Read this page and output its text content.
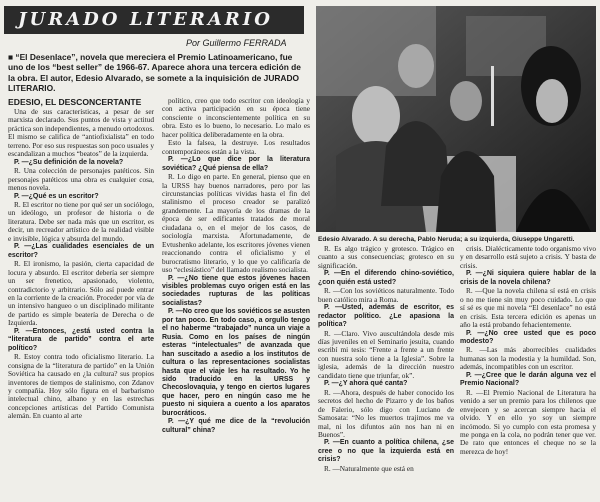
JURADO LITERARIO
Por Guillermo FERRADA
■ “El Desenlace”, novela que mereciera el Premio Latinoamericano, fue uno de los “best seller” de 1966-67. Aparece ahora una tercera edición de la obra. El autor, Edesio Alvarado, se somete a la inquisición de JURADO LITERARIO.
Edesio Alvarado. A su derecha, Pablo Neruda; a su izquierda, Giuseppe Ungaretti.
EDESIO, EL DESCONCERTANTE

Una de sus características, a pesar de ser marxista declarado. Sus puntos de vista y actitud práctica son independientes, a menudo ortodoxos. El mismo se califica de “antiofixialista” en todo terreno. Por eso sus respuestas son poco usuales y escandalizan a muchos “beatos” de la izquierda.

P. —¿Su definición de la novela?

R. Una colección de personajes patéticos. Sin personajes patéticos una obra es cualquier cosa, menos novela.

P. —¿Qué es un escritor?

R. El escritor no tiene por qué ser un sociólogo, un ideólogo, un profesor de historia o de literatura. Debe ser nada más que un escritor, es decir, un recreador artístico de la realidad visible e invisible, lógica y absurda del mundo.

P. —¿Las cualidades esenciales de un escritor?

R. El ironismo, la pasión, cierta capacidad de locura y absurdo. El escritor debería ser siempre un ser frenetico, apasionado, violento, contradictorio y arbitrario. Sólo así puede entrar en la corriente de la creación. Proceder por vía de un intensivo hangueo o un disciplinado militante de partido es simple beatería de Derecha o de Izquierda.

P. —Entonces, ¿está usted contra la “literatura de partido” contra el arte político?

R. Estoy contra todo oficialismo literario. La consigna de la “literatura de partido” en la Unión Soviética ha causado en ¿la cultura? sus propios inventores de tiempos de stalinismo, con Zdanov y compañía. Hoy sólo figura en el barbarismo intelectual chino, albano y en las estrechas concepciones artísticas del Partido Comunista alemán. En cuanto al arte

político, creo que todo escritor con ideología y con activa participación en su época tiene consciente o inconscientemente política en su obra. Esto es lo bueno, lo necesario. Lo malo es hacer política deliberadamente en la obra.

Esto la falsea, la destruye. Los resultados contemporáneos están a la vista.

P. —¿Lo que dice por la literatura soviética? ¿Qué piensa de ella?

R. Lo digo en parte. En general, pienso que en la URSS hay buenos narradores, pero por las circunstancias políticas vividas hasta el fin del stalinismo el proceso creador se paralizó grandemente. La mayoría de los dramas de la época de ser edificantes tratados de moral ciudadana o, en el mejor de los casos, de sociología marxista. Afortunadamente, de Evtushenko adelante, los escritores jóvenes vienen reaccionando contra el oficialismo y el burocratismo literario, y lo que yo calificaría de uso “eclesiástico” del llamado realismo socialista.

P. —¿No tiene que estos jóvenes hacen visibles problemas cuyo origen está en las sociedades rupturas de las políticas socialistas?

P. —No creo que los soviéticos se asusten por tan poco. En todo caso, a orgullo tengo el no haberme “trabajado” nunca un viaje a Rusia. Como en los países de ningún esteras “intelectuales” de avanzada que han suscitado a asedio a los institutos de cultura o las representaciones socialistas hasta que el viaje les ha resultado. Yo he sido traducido en la URSS y Checoslovaquia, y tengo en ciertos lugares que hacer, pero en ningún caso me he puesto ni siquiera a cuento a los aparatos burocráticos.

P. —¿Y qué me dice de la “revolución cultural” china?

R. Es algo trágico y grotesco. Trágico en cuanto a sus consecuencias; grotesco en su significación.

P. —En el diferendo chino-soviético, ¿con quién está usted?

R. —Con los soviéticos naturalmente. Todo buen católico mira a Roma.

P. —Usted, además de escritor, es redactor político. ¿Le apasiona la política?

R. —Claro. Vivo auscultándola desde mis días juveniles en el Seminario jesuita, cuando escribí mi tesis: “Frente a frente a un frente con nuestra solo tiene a la Iglesia”. Sobre la iglesia, además de la dirección nuestro candidato tiene que triunfar, ok”.

P. —¿Y ahora qué canta?

R. —Ahora, después de haber conocido los secretos del hecho de Pizarro y de los baños de Falerio, sólo digo con Luciano de Samosata: “No les muertos trajimos me va mal, ni los difuntos aún nos han ni en Buenos”.

P. —En cuanto a política chilena, ¿se cree o no que la izquierda está en crisis?

R. —Naturalmente que está en

crisis. Dialécticamente todo organismo vivo y en desarrollo está sujeto a crisis. Y basta de crisis.

P. —¿Ni siquiera quiere hablar de la crisis de la novela chilena?

R. —Que la novela chilena sí está en crisis o no me tiene sin muy poco cuidado. Lo que sí sé es que mi novela “El desenlace” no está en crisis. Esta tercera edición es apenas un año la está probando fehacientemente.

P. —¿No cree usted que es poco modesto?

R. —Las más aborrecibles cualidades humanas son la modestia y la humildad. Son, además, incompatibles con un escritor.

P. —¿Cree que le darán alguna vez el Premio Nacional?

R. —El Premio Nacional de Literatura ha venido a ser un premio para los chilenos que envejecen y se acercan siempre hacia el olvido. Y en ello yo soy un siempre incómodo. Si yo cumplo con esta promesa y me ponga en la cola, no podrán tener que ver. De rato que entonces el cheque no se la merezca de hoy!
